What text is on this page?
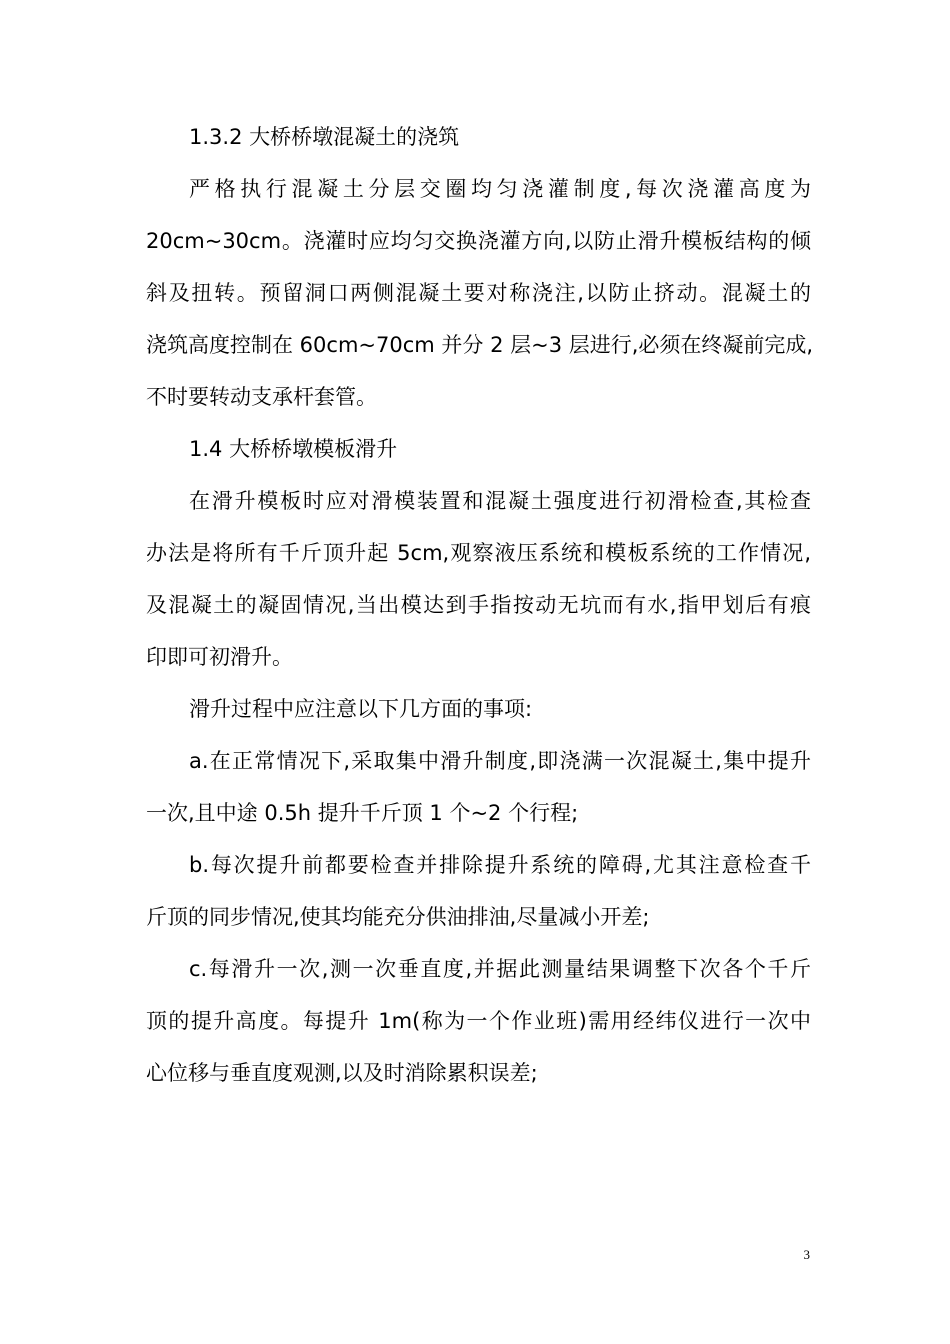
1.3.2 大桥桥墩混凝土的浇筑
严格执行混凝土分层交圈均匀浇灌制度,每次浇灌高度为
20cm~30cm。浇灌时应均匀交换浇灌方向,以防止滑升模板结构的倾
斜及扭转。预留洞口两侧混凝土要对称浇注,以防止挤动。混凝土的
浇筑高度控制在 60cm~70cm 并分 2 层~3 层进行,必须在终凝前完成,
不时要转动支承杆套管。
1.4 大桥桥墩模板滑升
在滑升模板时应对滑模装置和混凝土强度进行初滑检查,其检查
办法是将所有千斤顶升起 5cm,观察液压系统和模板系统的工作情况,
及混凝土的凝固情况,当出模达到手指按动无坑而有水,指甲划后有痕
印即可初滑升。
滑升过程中应注意以下几方面的事项:
a.在正常情况下,采取集中滑升制度,即浇满一次混凝土,集中提升
一次,且中途 0.5h 提升千斤顶 1 个~2 个行程;
b.每次提升前都要检查并排除提升系统的障碍,尤其注意检查千
斤顶的同步情况,使其均能充分供油排油,尽量减小开差;
c.每滑升一次,测一次垂直度,并据此测量结果调整下次各个千斤
顶的提升高度。每提升 1m(称为一个作业班)需用经纬仪进行一次中
心位移与垂直度观测,以及时消除累积误差;
3
